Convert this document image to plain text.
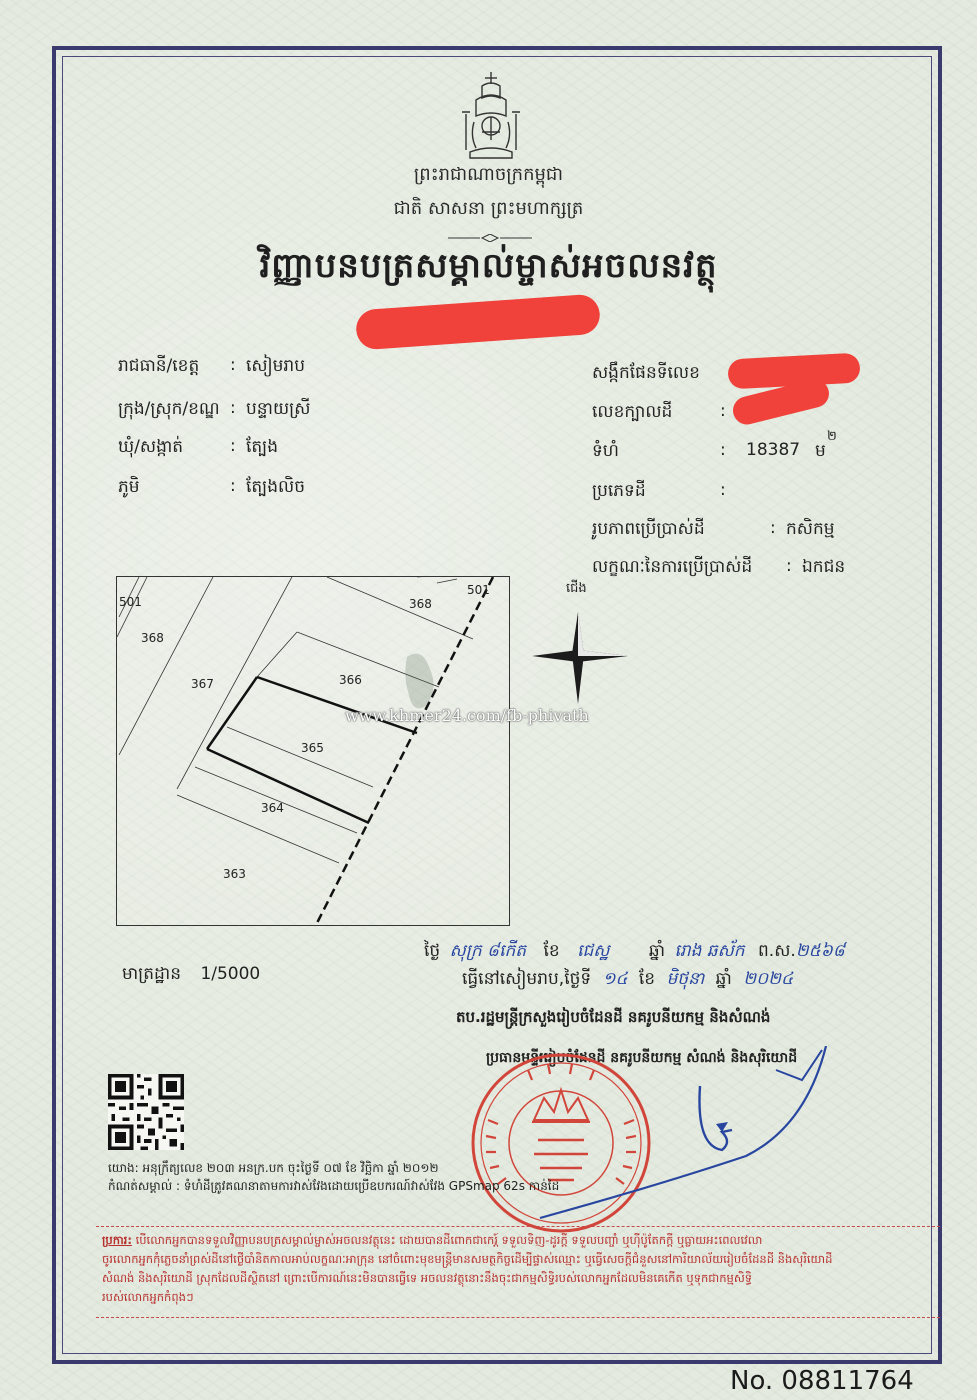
ព្រះរាជាណាចក្រកម្ពុជា
ជាតិ សាសនា ព្រះមហាក្សត្រ
វិញ្ញាបនបត្រសម្គាល់ម្ចាស់អចលនវត្ថុ
រាជធានី/ខេត្ត : សៀមរាប
ក្រុង/ស្រុក/ខណ្ឌ : បន្ទាយស្រី
ឃុំ/សង្កាត់	: ត្បែង
ភូមិ	: ត្បែងលិច
សង្កឹកផែនទីលេខ
លេខក្បាលដី	:
ទំហំ	: 18387 ម
២
ប្រភេទដី	:
រូបភាពប្រើប្រាស់ដី	: កសិកម្ម
លក្ខណៈនៃការប្រើប្រាស់ដី : ឯកជន
501
368
367	366
365
364
363
368
501	ជើង
www.khmer24.com/fb-phivath
មាត្រដ្ឋាន 1/5000
ថ្ងៃ សុក្រ ៨កើត ខែ ជេស្ឋ ឆ្នាំ រោង ឆស័ក ព.ស.២៥៦៨
ធ្វើនៅសៀមរាប,ថ្ងៃទី ១៤ ខែ មិថុនា ឆ្នាំ ២០២៤
តប.រដ្ឋមន្ត្រីក្រសួងរៀបចំដែនដី នគរូបនីយកម្ម និងសំណង់
ប្រធានមន្ទីររៀបចំដែនដី នគរូបនីយកម្ម សំណង់ និងសុរិយោដី
យោង: អនុក្រឹត្យលេខ ២០៣ អនក្រ.បក ចុះថ្ងៃទី ០៧ ខែ វិច្ឆិកា ឆ្នាំ ២០១២
កំណត់សម្គាល់ : ទំហំដីត្រូវគណនាតាមការវាស់វែងដោយប្រើឧបករណ៍វាស់វែង GPSmap 62s កាន់ដៃ
ប្រការ: បើលោកអ្នកបានទទួលវិញ្ញាបនបត្រសម្គាល់ម្ចាស់អចលនវត្ថុនេះ ដោយបានដីពោកជាកេរ្ត៍ ទទួលទិញ-ដូរក្តី ទទួលបញ្ចាំ ឬហ៊ីប៉ូតែកក្តី ឬធ្លាយអះពេលវេលា
ចូរលោកអ្នកកុំភ្លេចនាំព្រស់ដីនៅថ្ងើបាំនិតកាលអាប់លក្ខណៈអាក្រុន នៅចំពោះមុខមន្ត្រីមានសមត្ថកិច្ចដើម្បីផ្ទាស់ឈ្មោះ ឬធ្វើសេចក្តីជំនួសនៅការិយាល័យរៀបចំដែនដី និងសុរិយោដី
សំណង់ និងសុរិយោដី ស្រុកដែលដីស្ថិតនៅ ព្រោះបើការណ៍នេះមិនបានធ្វើទេ អចលនវត្ថុនោះនឹងចុះជាកម្មសិទ្ធិរបស់លោកអ្នកដែលមិនគេកើត ឬទុកជាកម្មសិទ្ធិ
របស់លោកអ្នកកំពុងៗ
No. 08811764
